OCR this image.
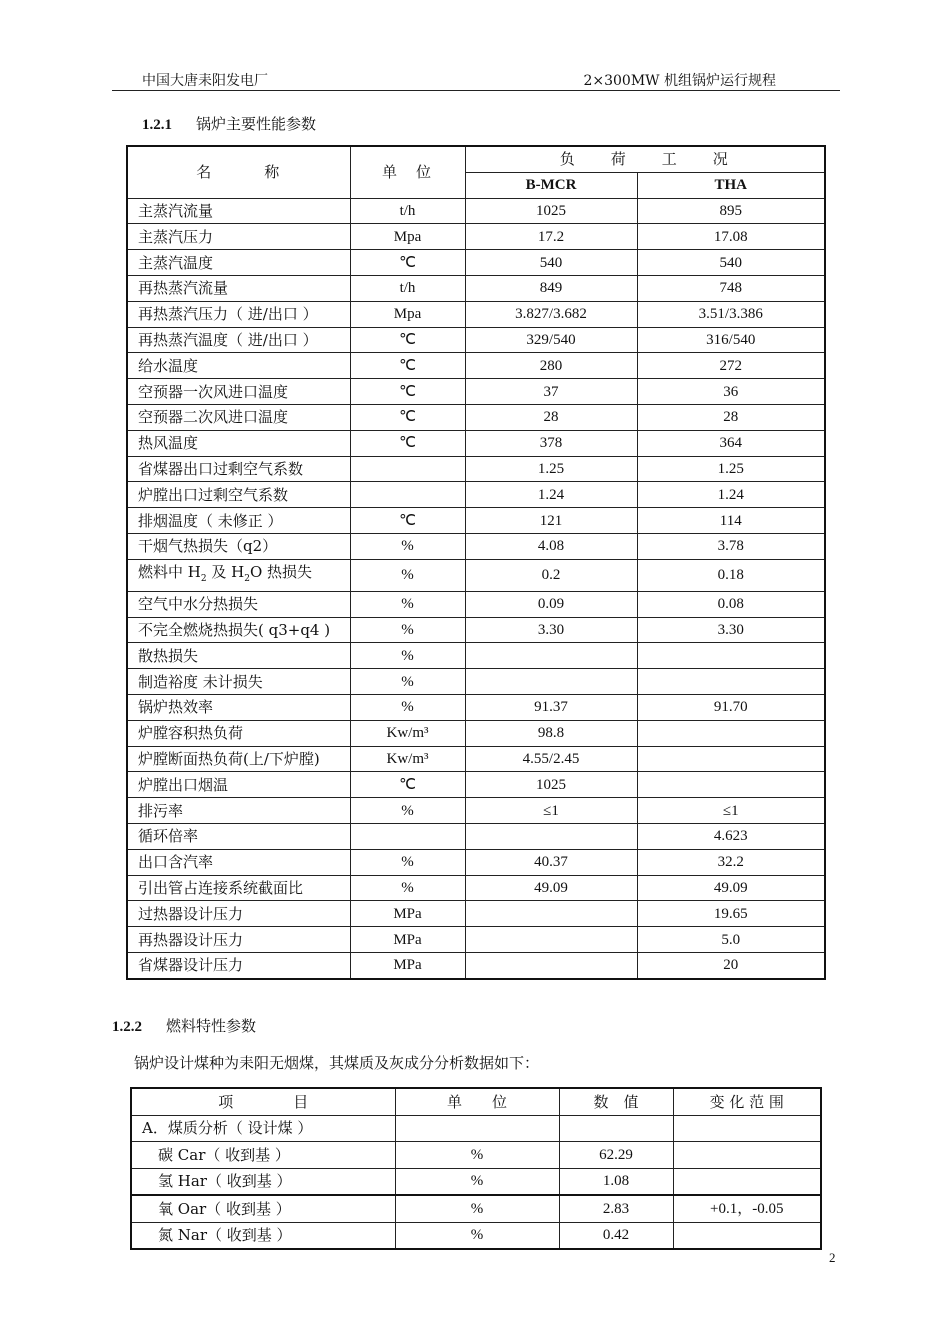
中国大唐耒阳发电厂	2×300MW 机组锅炉运行规程
1.2.1 锅炉主要性能参数
名　　　称	单　位	负　　荷　　工　　况	
		B-MCR	THA
主蒸汽流量	t/h	1025	895
主蒸汽压力	Mpa	17.2	17.08
主蒸汽温度	℃	540	540
再热蒸汽流量	t/h	849	748
再热蒸汽压力（ 进/出口 ）	Mpa	3.827/3.682	3.51/3.386
再热蒸汽温度（ 进/出口 ）	℃	329/540	316/540
给水温度	℃	280	272
空预器一次风进口温度	℃	37	36
空预器二次风进口温度	℃	28	28
热风温度	℃	378	364
省煤器出口过剩空气系数		1.25	1.25
炉膛出口过剩空气系数		1.24	1.24
排烟温度（ 未修正 ）	℃	121	114
干烟气热损失（q2）	%	4.08	3.78
燃料中 $H_2$ 及 $H_2O$ 热损失	%	0.2	0.18
空气中水分热损失	%	0.09	0.08
不完全燃烧热损失( q3+q4 )	%	3.30	3.30
散热损失	%		
制造裕度 未计损失	%		
锅炉热效率	%	91.37	91.70
炉膛容积热负荷	Kw/m³	98.8	
炉膛断面热负荷(上/下炉膛)	Kw/m³	4.55/2.45	
炉膛出口烟温	℃	1025	
排污率	%	≤1	≤1
循环倍率			4.623
出口含汽率	%	40.37	32.2
引出管占连接系统截面比	%	49.09	49.09
过热器设计压力	MPa		19.65
再热器设计压力	MPa		5.0
省煤器设计压力	MPa		20
1.2.2 燃料特性参数
锅炉设计煤种为耒阳无烟煤，其煤质及灰成分分析数据如下：
项　　　　目	单　　位	数　值	变 化 范 围
A．煤质分析（ 设计煤 ）			
碳 Car（ 收到基 ）	%	62.29	
氢 Har（ 收到基 ）	%	1.08	
氧 Oar（ 收到基 ）	%	2.83	+0.1，-0.05
氮 Nar（ 收到基 ）	%	0.42	
2
